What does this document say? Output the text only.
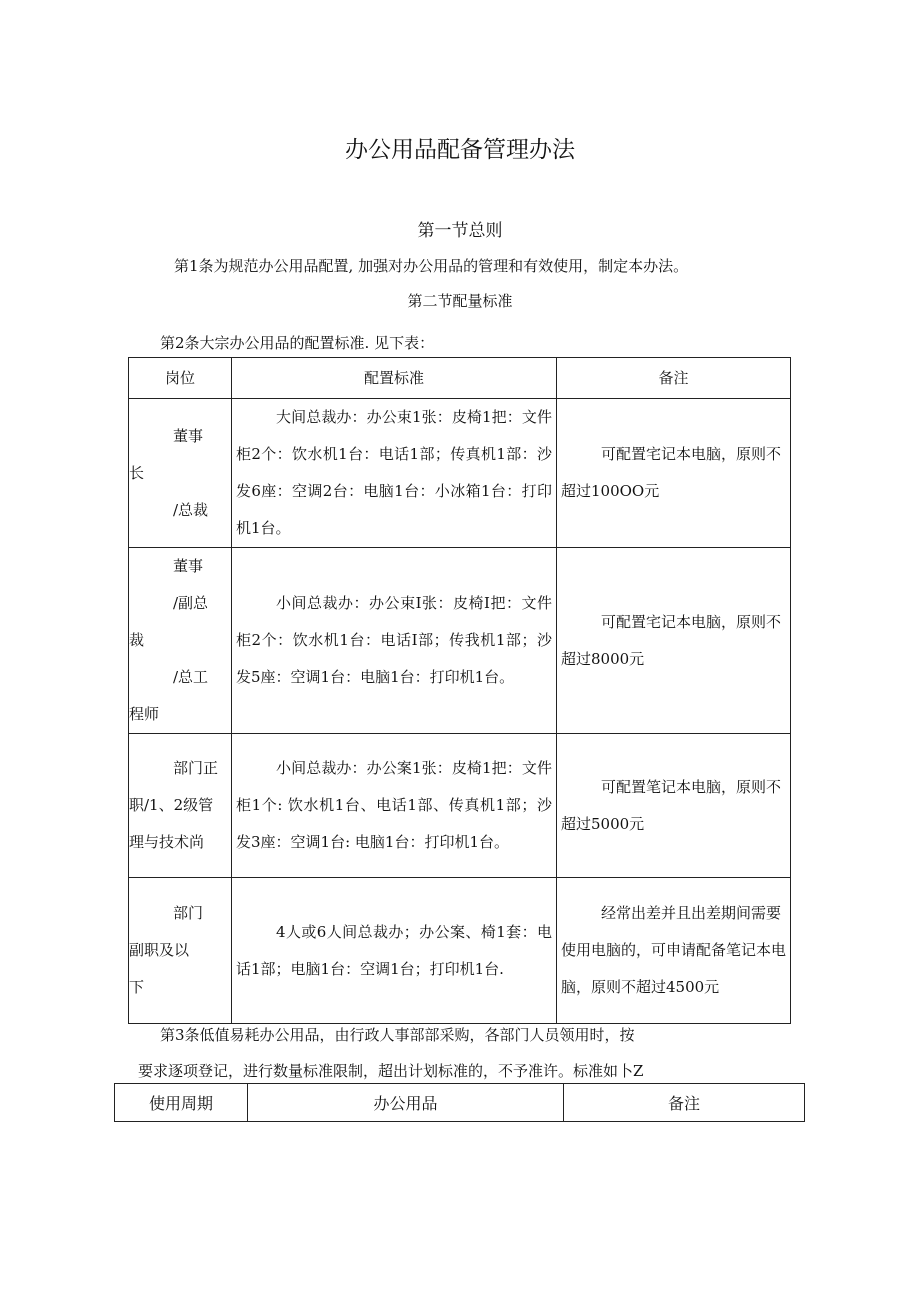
办公用品配备管理办法
第一节总则
第1条为规范办公用品配置, 加强对办公用品的管理和有效使用，制定本办法。
第二节配量标准
第2条大宗办公用品的配置标准. 见下表：
岗位	配置标准	备注

董事
长
/总裁	大间总裁办：办公束1张：皮椅1把：文件柜2个：饮水机1台：电话1部；传真机1部：沙发6座：空调2台：电脑1台：小冰箱1台：打印机1台。	可配置宅记本电脑，原则不超过100OO元

董事
/副总
裁
/总工
程师	小间总裁办：办公束I张：皮椅I把：文件柜2个：饮水机1台：电话I部；传我机1部；沙发5座：空调1台：电脑1台：打印机1台。	可配置宅记本电脑，原则不超过8000元

部门正
职/1、2级管
理与技术尚	小间总裁办：办公案1张：皮椅1把：文件柜1个: 饮水机1台、电话1部、传真机1部；沙发3座：空调1台: 电脑1台：打印机1台。	可配置笔记本电脑，原则不超过5000元

部门
副职及以
下	4人或6人间总裁办；办公案、椅1套：电话1部；电脑1台：空调1台；打印机1台.	经常出差并且出差期间需要使用电脑的，可申请配备笔记本电脑，原则不超过4500元
第3条低值易耗办公用品，由行政人事部部采购，各部门人员领用时，按
要求逐项登记，进行数量标准限制，超出计划标准的，不予准许。标准如卜Z
使用周期	办公用品	备注
